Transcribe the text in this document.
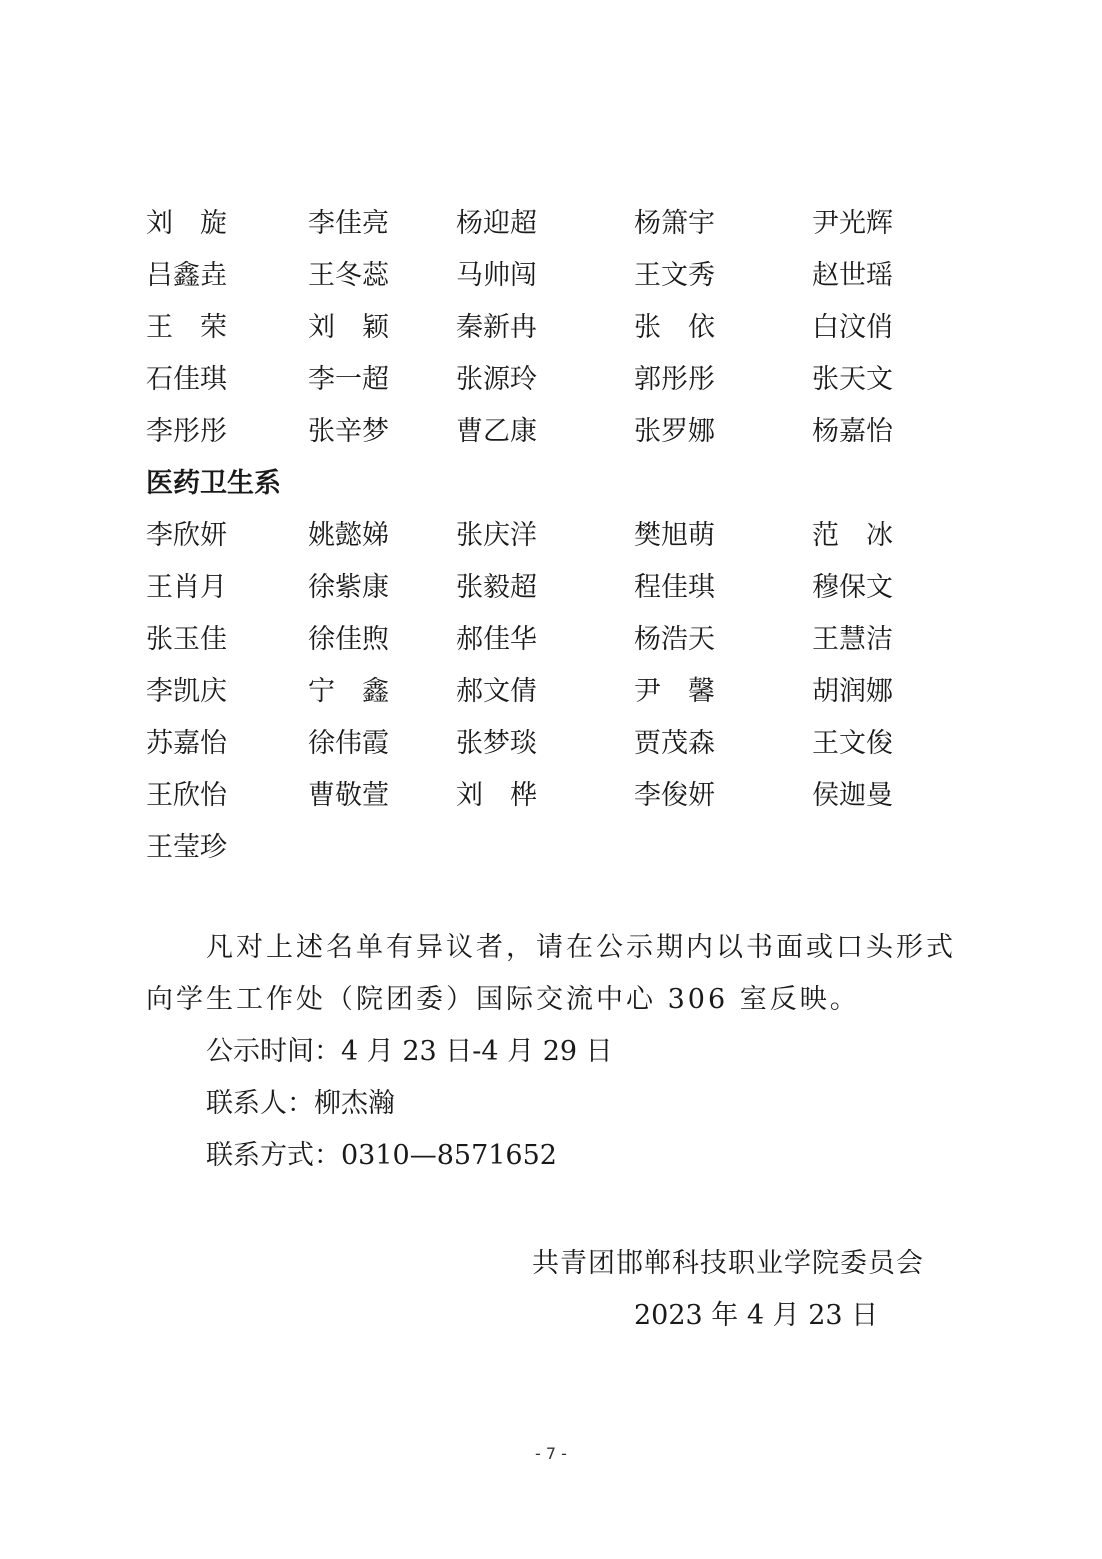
刘　旋	李佳亮	杨迎超	杨箫宇	尹光辉
吕鑫垚	王冬蕊	马帅闯	王文秀	赵世瑶
王　荣	刘　颖	秦新冉	张　依	白汶俏
石佳琪	李一超	张源玲	郭彤彤	张天文
李彤彤	张辛梦	曹乙康	张罗娜	杨嘉怡
医药卫生系
李欣妍	姚懿娣	张庆洋	樊旭萌	范　冰
王肖月	徐紫康	张毅超	程佳琪	穆保文
张玉佳	徐佳煦	郝佳华	杨浩天	王慧洁
李凯庆	宁　鑫	郝文倩	尹　馨	胡润娜
苏嘉怡	徐伟霞	张梦琰	贾茂森	王文俊
王欣怡	曹敬萱	刘　桦	李俊妍	侯迦曼
王莹珍

凡对上述名单有异议者，请在公示期内以书面或口头形式向学生工作处（院团委）国际交流中心 306 室反映。

公示时间：4 月 23 日-4 月 29 日

联系人：柳杰瀚

联系方式：0310—8571652

共青团邯郸科技职业学院委员会
2023 年 4 月 23 日
- 7 -
